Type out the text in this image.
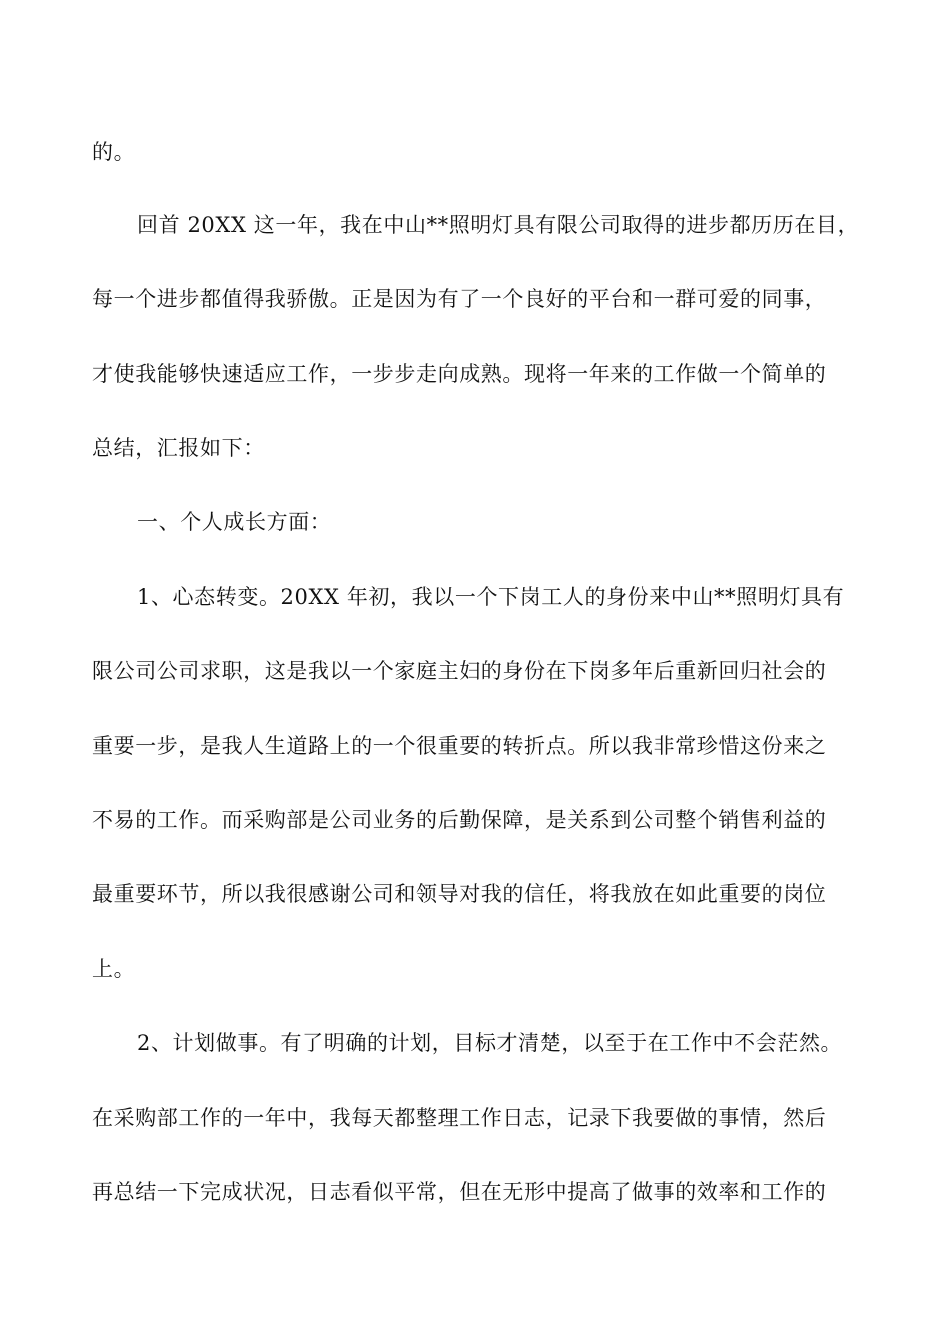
的。
回首 20XX 这一年，我在中山**照明灯具有限公司取得的进步都历历在目，
每一个进步都值得我骄傲。正是因为有了一个良好的平台和一群可爱的同事，
才使我能够快速适应工作，一步步走向成熟。现将一年来的工作做一个简单的
总结，汇报如下：
一、个人成长方面：
1、心态转变。20XX 年初，我以一个下岗工人的身份来中山**照明灯具有
限公司公司求职，这是我以一个家庭主妇的身份在下岗多年后重新回归社会的
重要一步，是我人生道路上的一个很重要的转折点。所以我非常珍惜这份来之
不易的工作。而采购部是公司业务的后勤保障，是关系到公司整个销售利益的
最重要环节，所以我很感谢公司和领导对我的信任，将我放在如此重要的岗位
上。
2、计划做事。有了明确的计划，目标才清楚，以至于在工作中不会茫然。
在采购部工作的一年中，我每天都整理工作日志，记录下我要做的事情，然后
再总结一下完成状况，日志看似平常，但在无形中提高了做事的效率和工作的
